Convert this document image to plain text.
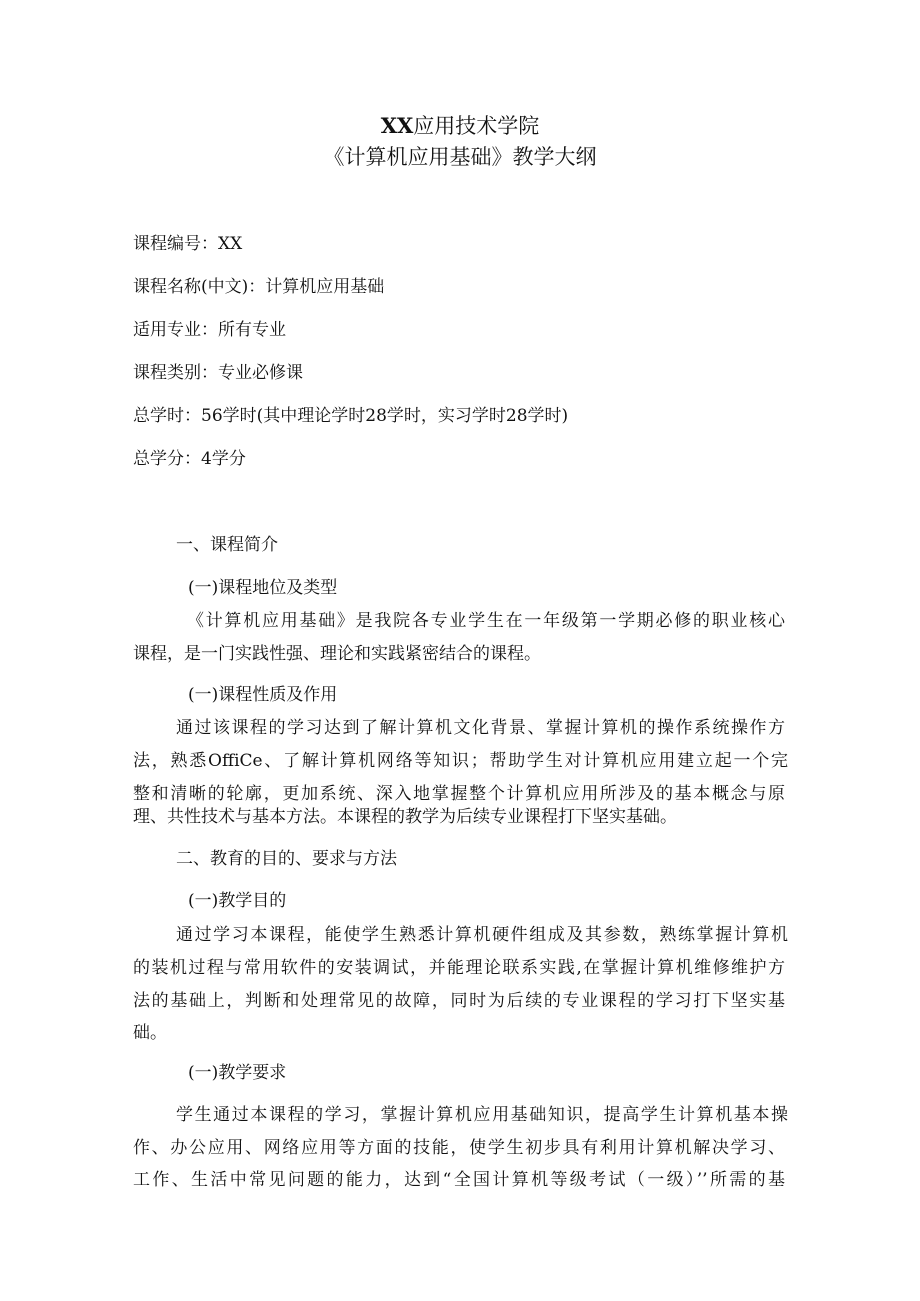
XX应用技术学院
《计算机应用基础》教学大纲
课程编号：XX
课程名称(中文)：计算机应用基础
适用专业：所有专业
课程类别：专业必修课
总学时：56学时(其中理论学时28学时，实习学时28学时)
总学分：4学分
一、课程简介
(一)课程地位及类型
《计算机应用基础》是我院各专业学生在一年级第一学期必修的职业核心
课程，是一门实践性强、理论和实践紧密结合的课程。
(一)课程性质及作用
通过该课程的学习达到了解计算机文化背景、掌握计算机的操作系统操作方
法，熟悉OffiCe、了解计算机网络等知识；帮助学生对计算机应用建立起一个完
整和清晰的轮廓，更加系统、深入地掌握整个计算机应用所涉及的基本概念与原
理、共性技术与基本方法。本课程的教学为后续专业课程打下坚实基础。
二、教育的目的、要求与方法
(一)教学目的
通过学习本课程，能使学生熟悉计算机硬件组成及其参数，熟练掌握计算机
的装机过程与常用软件的安装调试，并能理论联系实践,在掌握计算机维修维护方
法的基础上，判断和处理常见的故障，同时为后续的专业课程的学习打下坚实基
础。
(一)教学要求
学生通过本课程的学习，掌握计算机应用基础知识，提高学生计算机基本操
作、办公应用、网络应用等方面的技能，使学生初步具有利用计算机解决学习、
工作、生活中常见问题的能力，达到“全国计算机等级考试（一级）’’所需的基
